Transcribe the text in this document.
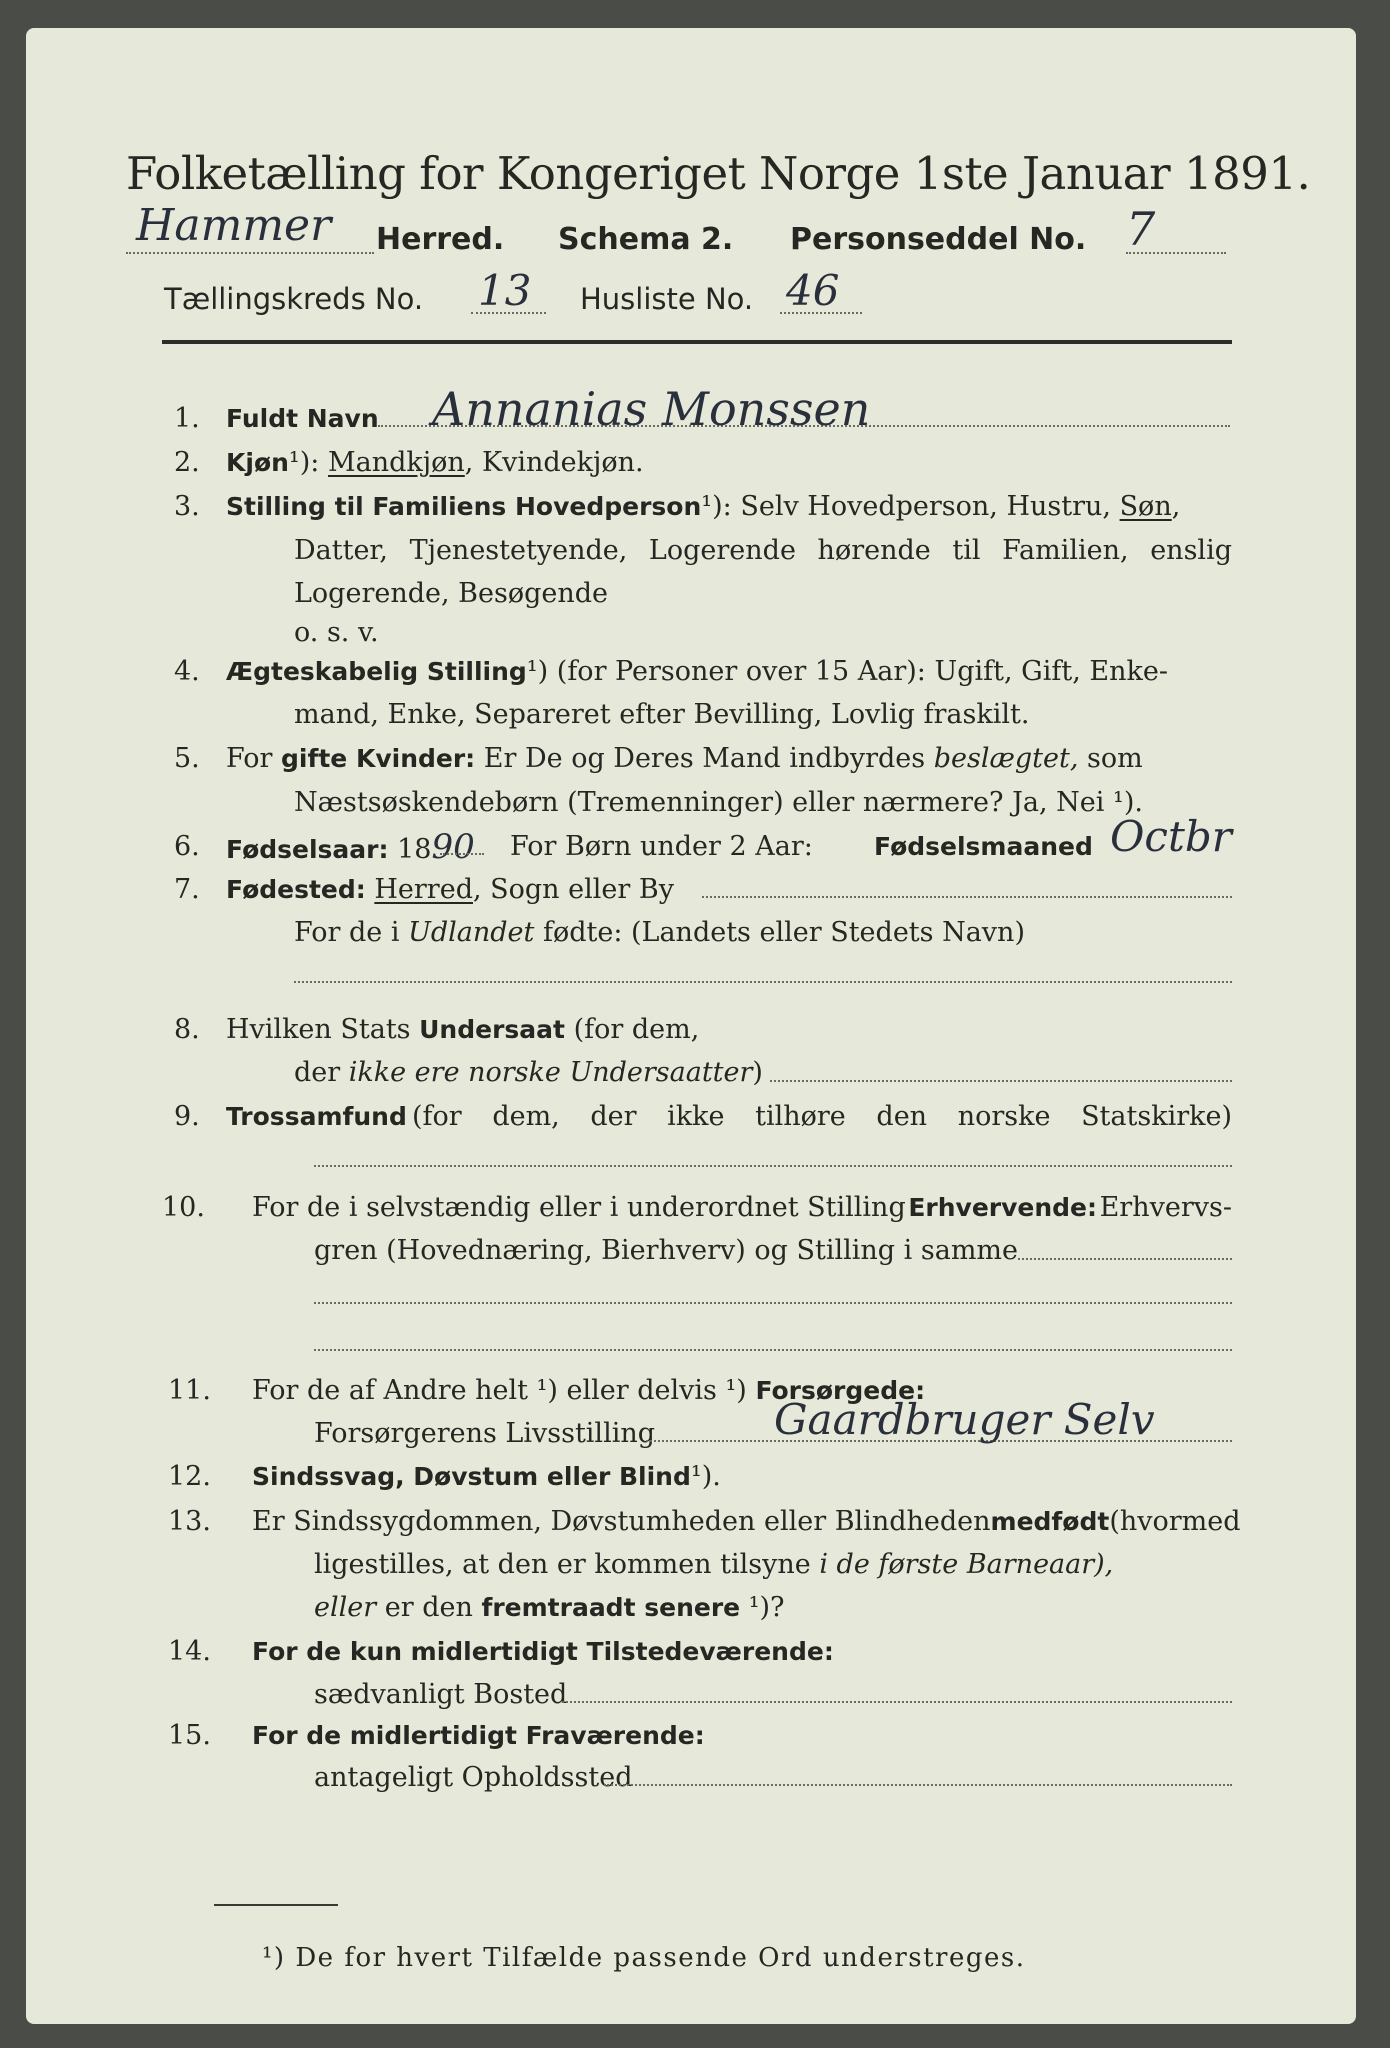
Folketælling for Kongeriget Norge 1ste Januar 1891.
Hammer Herred. Schema 2. Personseddel No. 7
Tællingskreds No. 13 Husliste No. 46
1. Fuldt Navn Annanias Monssen
2. Kjøn¹): Mandkjøn, Kvindekjøn.
3. Stilling til Familiens Hovedperson¹): Selv Hovedperson, Hustru, Søn,
Datter, Tjenestetyende, Logerende hørende til Familien, enslig
Logerende, Besøgende
o. s. v.
4. Ægteskabelig Stilling¹) (for Personer over 15 Aar): Ugift, Gift, Enke-
mand, Enke, Separeret efter Bevilling, Lovlig fraskilt.
5. For gifte Kvinder: Er De og Deres Mand indbyrdes beslægtet, som
Næstsøskendebørn (Tremenninger) eller nærmere? Ja, Nei ¹).
6. Fødselsaar: 1890	For Børn under 2 Aar: Fødselsmaaned Octbr
7. Fødested: Herred, Sogn eller By
For de i Udlandet fødte: (Landets eller Stedets Navn)
8. Hvilken Stats Undersaat (for dem,
der ikke ere norske Undersaatter)
9. Trossamfund (for dem, der ikke tilhøre den norske Statskirke)
10. For de i selvstændig eller i underordnet Stilling Erhvervende: Erhvervs-
gren (Hovednæring, Bierhverv) og Stilling i samme
11. For de af Andre helt ¹) eller delvis ¹) Forsørgede:
Forsørgerens Livsstilling	Gaardbruger Selv
12. Sindssvag, Døvstum eller Blind¹).
13. Er Sindssygdommen, Døvstumheden eller Blindheden medfødt (hvormed
ligestilles, at den er kommen tilsyne i de første Barneaar),
eller er den fremtraadt senere ¹)?
14. For de kun midlertidigt Tilstedeværende:
sædvanligt Bosted
15. For de midlertidigt Fraværende:
antageligt Opholdssted
¹) De for hvert Tilfælde passende Ord understreges.
